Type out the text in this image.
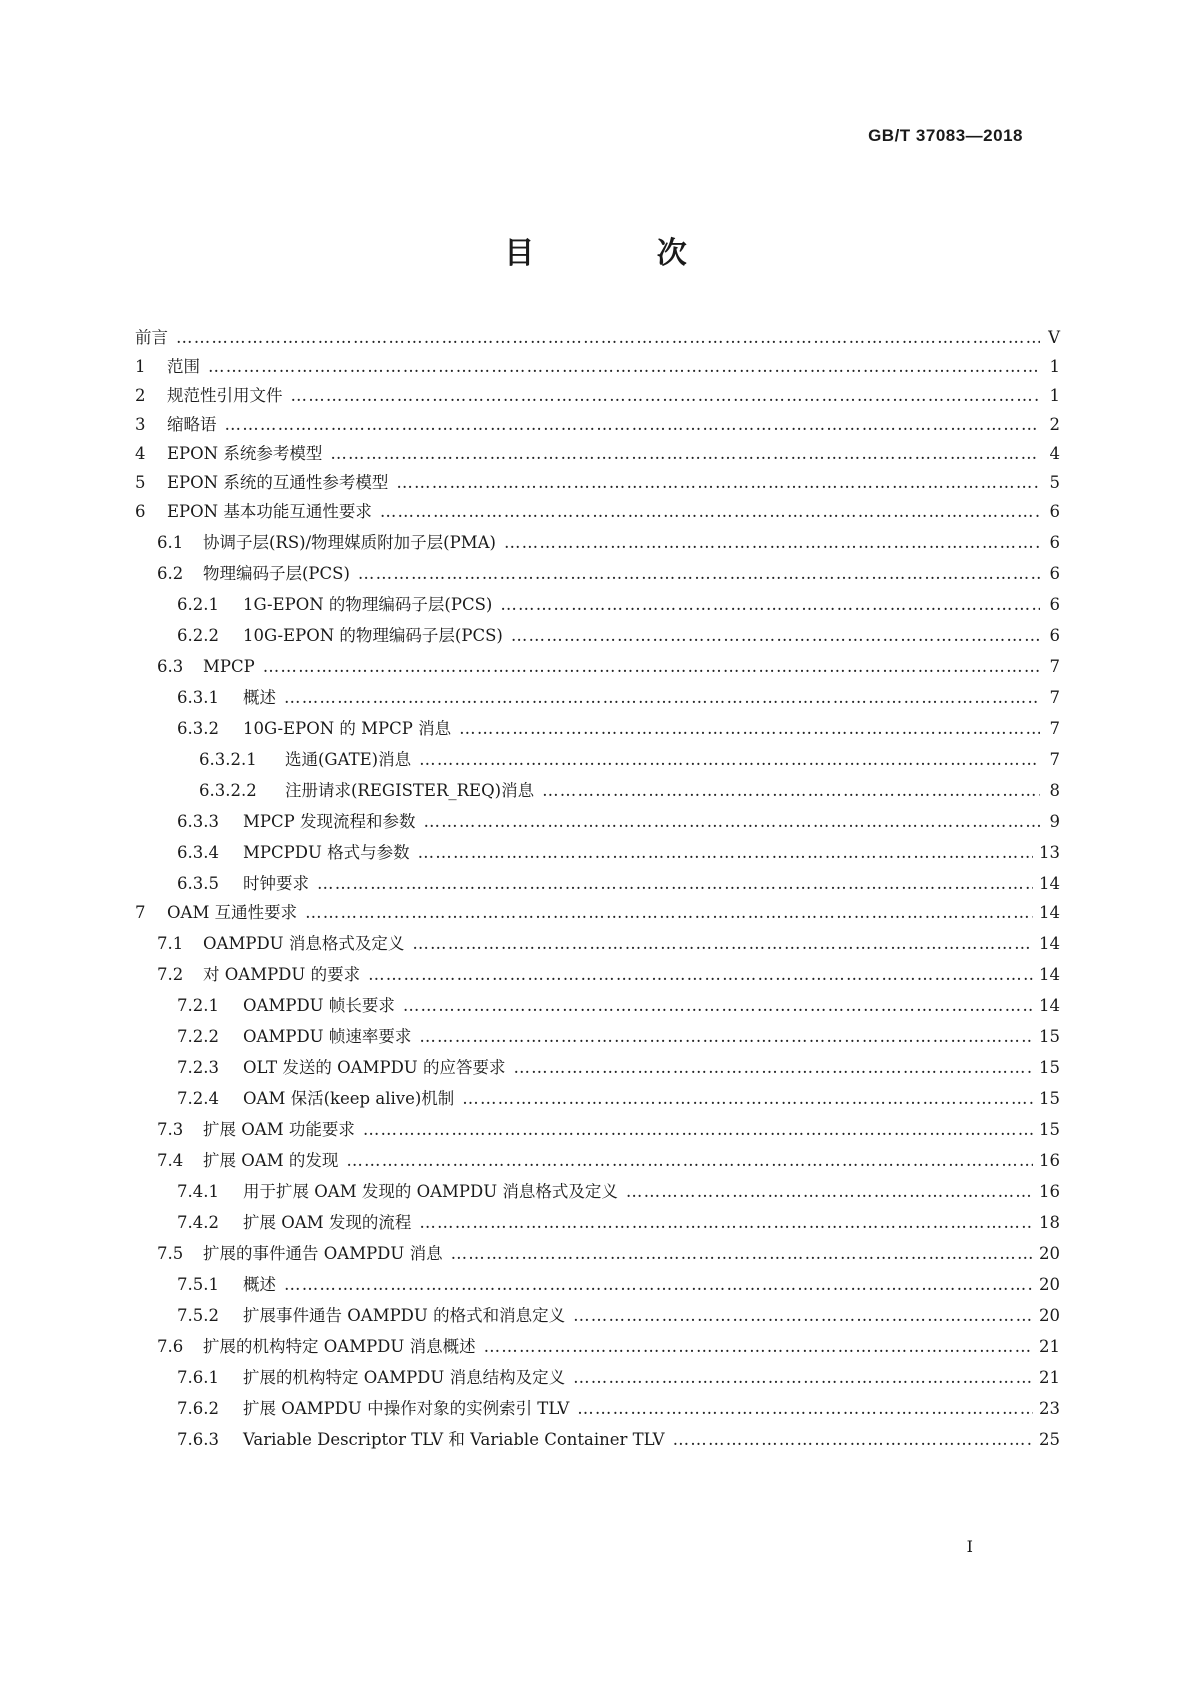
GB/T 37083—2018
目 次
前言 …………………………………………………………………………………………………………………………………………………………………………………………………………………………………………………………………………	Ⅴ
1	范围 …………………………………………………………………………………………………………………………………………………………………………………………………………………………………………………………………………	1
2	规范性引用文件 …………………………………………………………………………………………………………………………………………………………………………………………………………………………………………………………………………	1
3	缩略语 …………………………………………………………………………………………………………………………………………………………………………………………………………………………………………………………………………	2
4	EPON 系统参考模型 …………………………………………………………………………………………………………………………………………………………………………………………………………………………………………………………………………	4
5	EPON 系统的互通性参考模型 …………………………………………………………………………………………………………………………………………………………………………………………………………………………………………………………………………	5
6	EPON 基本功能互通性要求 …………………………………………………………………………………………………………………………………………………………………………………………………………………………………………………………………………	6
6.1	协调子层(RS)/物理媒质附加子层(PMA) …………………………………………………………………………………………………………………………………………………………………………………………………………………………………………………………………………	6
6.2	物理编码子层(PCS) …………………………………………………………………………………………………………………………………………………………………………………………………………………………………………………………………………	6
6.2.1	1G-EPON 的物理编码子层(PCS) …………………………………………………………………………………………………………………………………………………………………………………………………………………………………………………………………………	6
6.2.2	10G-EPON 的物理编码子层(PCS) …………………………………………………………………………………………………………………………………………………………………………………………………………………………………………………………………………	6
6.3	MPCP …………………………………………………………………………………………………………………………………………………………………………………………………………………………………………………………………………	7
6.3.1	概述 …………………………………………………………………………………………………………………………………………………………………………………………………………………………………………………………………………	7
6.3.2	10G-EPON 的 MPCP 消息 …………………………………………………………………………………………………………………………………………………………………………………………………………………………………………………………………………	7
6.3.2.1	选通(GATE)消息 …………………………………………………………………………………………………………………………………………………………………………………………………………………………………………………………………………	7
6.3.2.2	注册请求(REGISTER_REQ)消息 …………………………………………………………………………………………………………………………………………………………………………………………………………………………………………………………………………	8
6.3.3	MPCP 发现流程和参数 …………………………………………………………………………………………………………………………………………………………………………………………………………………………………………………………………………	9
6.3.4	MPCPDU 格式与参数 …………………………………………………………………………………………………………………………………………………………………………………………………………………………………………………………………………	13
6.3.5	时钟要求 …………………………………………………………………………………………………………………………………………………………………………………………………………………………………………………………………………	14
7	OAM 互通性要求 …………………………………………………………………………………………………………………………………………………………………………………………………………………………………………………………………………	14
7.1	OAMPDU 消息格式及定义 …………………………………………………………………………………………………………………………………………………………………………………………………………………………………………………………………………	14
7.2	对 OAMPDU 的要求 …………………………………………………………………………………………………………………………………………………………………………………………………………………………………………………………………………	14
7.2.1	OAMPDU 帧长要求 …………………………………………………………………………………………………………………………………………………………………………………………………………………………………………………………………………	14
7.2.2	OAMPDU 帧速率要求 …………………………………………………………………………………………………………………………………………………………………………………………………………………………………………………………………………	15
7.2.3	OLT 发送的 OAMPDU 的应答要求 …………………………………………………………………………………………………………………………………………………………………………………………………………………………………………………………………………	15
7.2.4	OAM 保活(keep alive)机制 …………………………………………………………………………………………………………………………………………………………………………………………………………………………………………………………………………	15
7.3	扩展 OAM 功能要求 …………………………………………………………………………………………………………………………………………………………………………………………………………………………………………………………………………	15
7.4	扩展 OAM 的发现 …………………………………………………………………………………………………………………………………………………………………………………………………………………………………………………………………………	16
7.4.1	用于扩展 OAM 发现的 OAMPDU 消息格式及定义 …………………………………………………………………………………………………………………………………………………………………………………………………………………………………………………………………………	16
7.4.2	扩展 OAM 发现的流程 …………………………………………………………………………………………………………………………………………………………………………………………………………………………………………………………………………	18
7.5	扩展的事件通告 OAMPDU 消息 …………………………………………………………………………………………………………………………………………………………………………………………………………………………………………………………………………	20
7.5.1	概述 …………………………………………………………………………………………………………………………………………………………………………………………………………………………………………………………………………	20
7.5.2	扩展事件通告 OAMPDU 的格式和消息定义 …………………………………………………………………………………………………………………………………………………………………………………………………………………………………………………………………………	20
7.6	扩展的机构特定 OAMPDU 消息概述 …………………………………………………………………………………………………………………………………………………………………………………………………………………………………………………………………………	21
7.6.1	扩展的机构特定 OAMPDU 消息结构及定义 …………………………………………………………………………………………………………………………………………………………………………………………………………………………………………………………………………	21
7.6.2	扩展 OAMPDU 中操作对象的实例索引 TLV …………………………………………………………………………………………………………………………………………………………………………………………………………………………………………………………………………	23
7.6.3	Variable Descriptor TLV 和 Variable Container TLV …………………………………………………………………………………………………………………………………………………………………………………………………………………………………………………………………………	25
Ⅰ
